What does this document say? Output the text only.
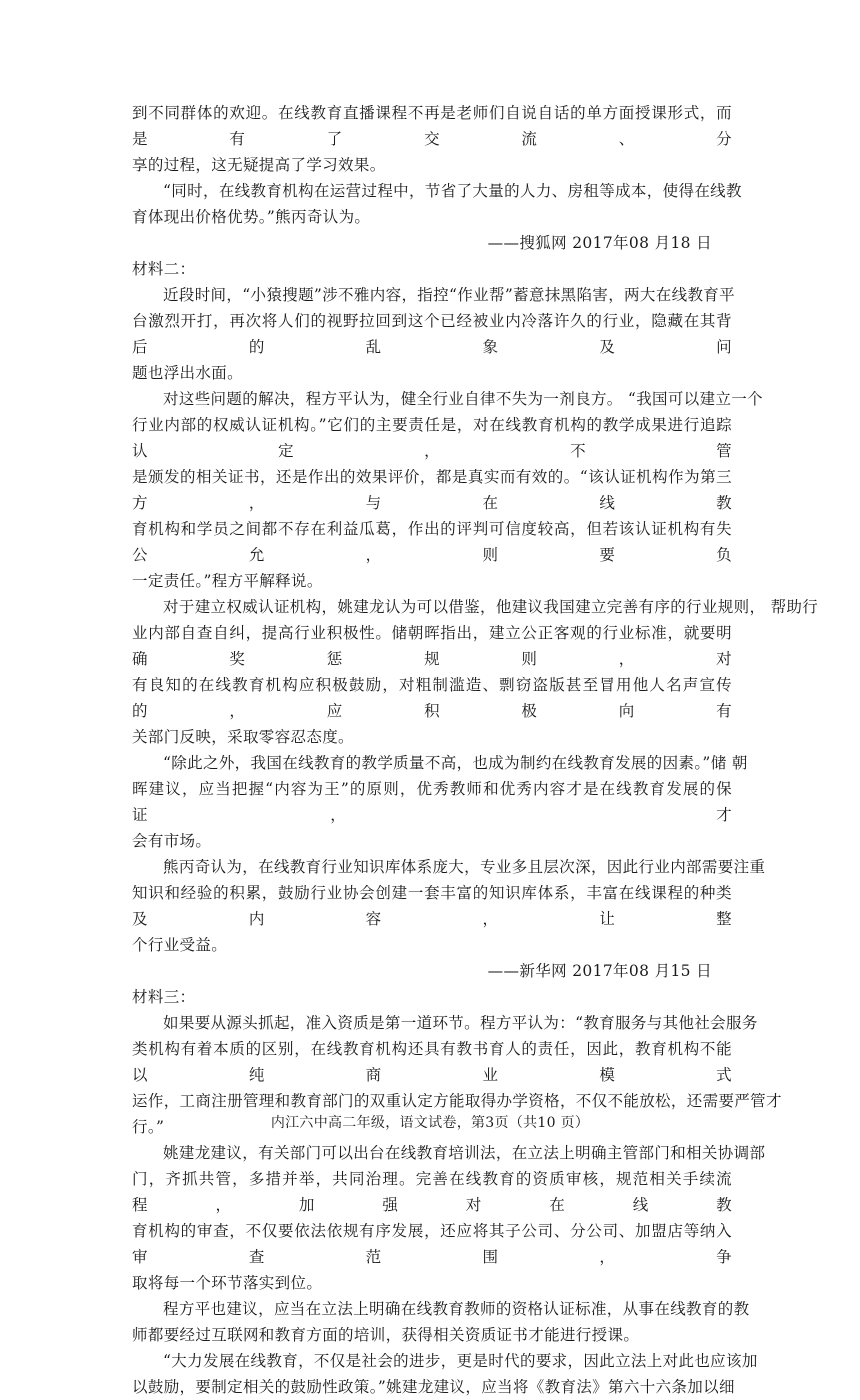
到不同群体的欢迎。在线教育直播课程不再是老师们自说自话的单方面授课形式，而是有了交流、分
享的过程，这无疑提高了学习效果。
“同时，在线教育机构在运营过程中，节省了大量的人力、房租等成本，使得在线教
育体现出价格优势。”熊丙奇认为。
——搜狐网 2017年08 月18 日
材料二：
近段时间，“小猿搜题”涉不雅内容，指控“作业帮”蓄意抹黑陷害，两大在线教育平
台激烈开打，再次将人们的视野拉回到这个已经被业内冷落许久的行业，隐藏在其背后的乱象及问
题也浮出水面。
对这些问题的解决，程方平认为，健全行业自律不失为一剂良方。 “我国可以建立一个
行业内部的权威认证机构。”它们的主要责任是，对在线教育机构的教学成果进行追踪认定，不管
是颁发的相关证书，还是作出的效果评价，都是真实而有效的。“该认证机构作为第三方，与在线教
育机构和学员之间都不存在利益瓜葛，作出的评判可信度较高，但若该认证机构有失公允，则要负
一定责任。”程方平解释说。
对于建立权威认证机构，姚建龙认为可以借鉴，他建议我国建立完善有序的行业规则， 帮助行
业内部自查自纠，提高行业积极性。储朝晖指出，建立公正客观的行业标准，就要明确奖惩规则，对
有良知的在线教育机构应积极鼓励，对粗制滥造、剽窃盗版甚至冒用他人名声宣传的，应积极向有
关部门反映，采取零容忍态度。
“除此之外，我国在线教育的教学质量不高，也成为制约在线教育发展的因素。”储 朝
晖建议，应当把握“内容为王”的原则，优秀教师和优秀内容才是在线教育发展的保证， 才
会有市场。
熊丙奇认为，在线教育行业知识库体系庞大，专业多且层次深，因此行业内部需要注重
知识和经验的积累，鼓励行业协会创建一套丰富的知识库体系，丰富在线课程的种类及内容，让整
个行业受益。
——新华网 2017年08 月15 日
材料三：
如果要从源头抓起，准入资质是第一道环节。程方平认为：“教育服务与其他社会服务
类机构有着本质的区别，在线教育机构还具有教书育人的责任，因此，教育机构不能以纯商业模式
运作，工商注册管理和教育部门的双重认定方能取得办学资格，不仅不能放松，还需要严管才
行。”
姚建龙建议，有关部门可以出台在线教育培训法，在立法上明确主管部门和相关协调部
门，齐抓共管，多措并举，共同治理。完善在线教育的资质审核，规范相关手续流程，加强对在线教
育机构的审查，不仅要依法依规有序发展，还应将其子公司、分公司、加盟店等纳入审查范围，争
取将每一个环节落实到位。
程方平也建议，应当在立法上明确在线教育教师的资格认证标准，从事在线教育的教
师都要经过互联网和教育方面的培训，获得相关资质证书才能进行授课。
“大力发展在线教育，不仅是社会的进步，更是时代的要求，因此立法上对此也应该加
以鼓励，要制定相关的鼓励性政策。”姚建龙建议，应当将《教育法》第六十六条加以细
内江六中高二年级，语文试卷，第3页（共10 页）
